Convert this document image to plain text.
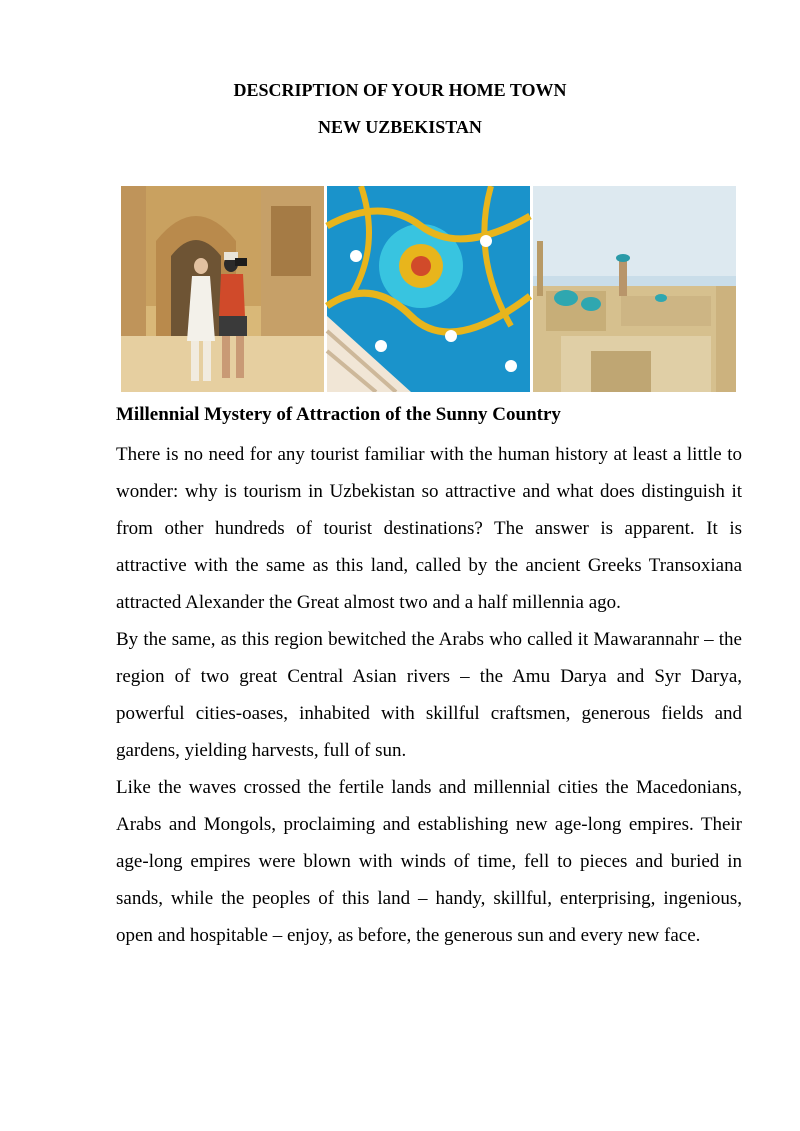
DESCRIPTION OF YOUR HOME TOWN
NEW UZBEKISTAN
Millennial Mystery of Attraction of the Sunny Country

There is no need for any tourist familiar with the human history at least a little to wonder: why is tourism in Uzbekistan so attractive and what does distinguish it from other hundreds of tourist destinations? The answer is apparent. It is attractive with the same as this land, called by the ancient Greeks Transoxiana attracted Alexander the Great almost two and a half millennia ago.

By the same, as this region bewitched the Arabs who called it Mawarannahr – the region of two great Central Asian rivers – the Amu Darya and Syr Darya, powerful cities-oases, inhabited with skillful craftsmen, generous fields and gardens, yielding harvests, full of sun.

Like the waves crossed the fertile lands and millennial cities the Macedonians, Arabs and Mongols, proclaiming and establishing new age-long empires. Their age-long empires were blown with winds of time, fell to pieces and buried in sands, while the peoples of this land – handy, skillful, enterprising, ingenious, open and hospitable – enjoy, as before, the generous sun and every new face.
